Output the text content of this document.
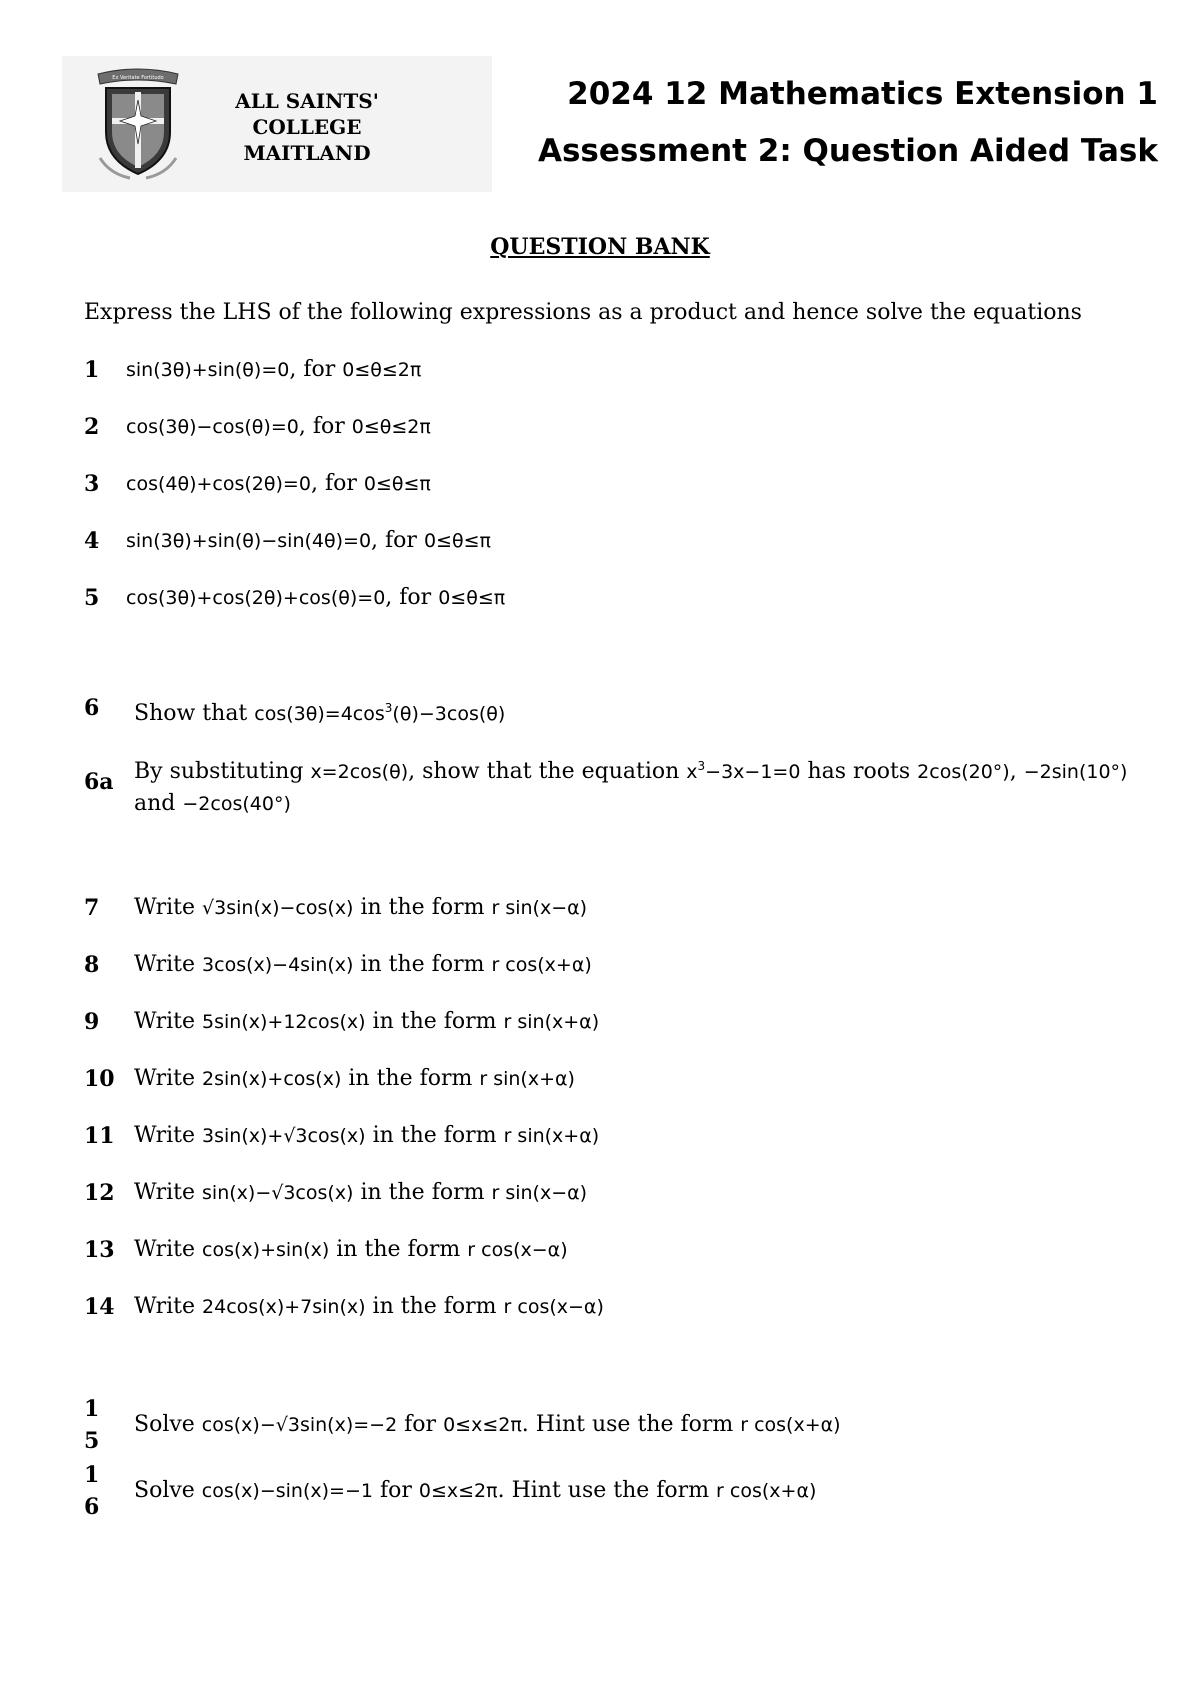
Ex Veritate Fortitudo
ALL SAINTS' COLLEGE
MAITLAND
2024 12 Mathematics Extension 1
Assessment 2: Question Aided Task
QUESTION BANK
Express the LHS of the following expressions as a product and hence solve the equations
1	sin(3θ)+sin(θ)=0, for 0≤θ≤2π
2	cos(3θ)−cos(θ)=0, for 0≤θ≤2π
3	cos(4θ)+cos(2θ)=0, for 0≤θ≤π
4	sin(3θ)+sin(θ)−sin(4θ)=0, for 0≤θ≤π
5	cos(3θ)+cos(2θ)+cos(θ)=0, for 0≤θ≤π
6	Show that $\cos(3\theta)=4\cos^3(\theta)-3\cos(\theta)$
6a By substituting x=2cos(θ), show that the equation $x^3-3x-1=0$ has roots 2cos(20°), −2sin(10°) and −2cos(40°)
7	Write √3sin(x)−cos(x) in the form r sin(x−α)
8	Write 3cos(x)−4sin(x) in the form r cos(x+α)
9	Write 5sin(x)+12cos(x) in the form r sin(x+α)
10 Write 2sin(x)+cos(x) in the form r sin(x+α)
11 Write 3sin(x)+√3cos(x) in the form r sin(x+α)
12 Write sin(x)−√3cos(x) in the form r sin(x−α)
13 Write cos(x)+sin(x) in the form r cos(x−α)
14 Write 24cos(x)+7sin(x) in the form r cos(x−α)
1
5
Solve cos(x)−√3sin(x)=−2 for 0≤x≤2π. Hint use the form r cos(x+α)
1
6
Solve cos(x)−sin(x)=−1 for 0≤x≤2π. Hint use the form r cos(x+α)
